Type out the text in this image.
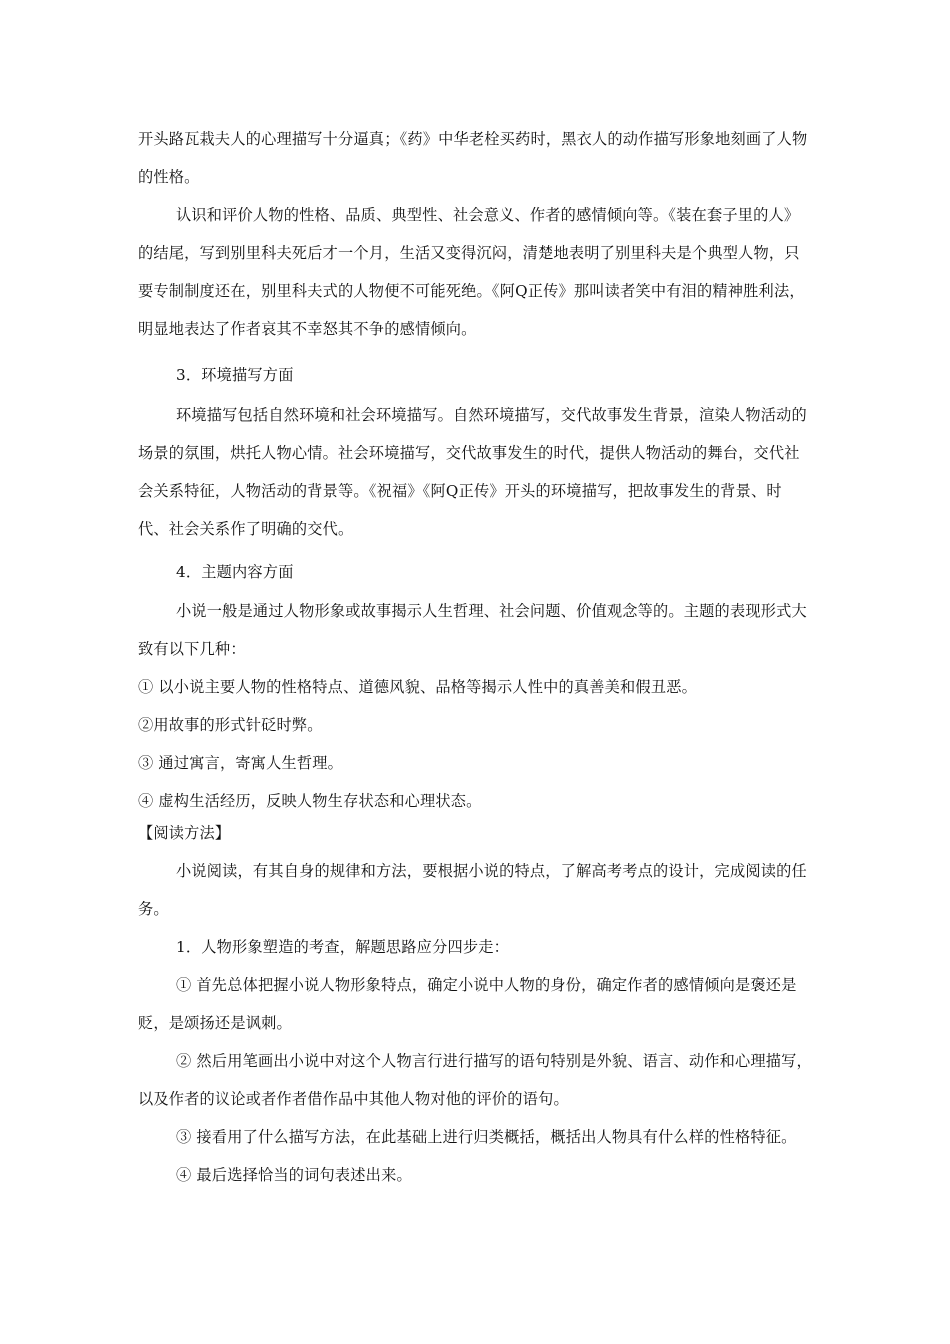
开头路瓦栽夫人的心理描写十分逼真；《药》中华老栓买药时，黑衣人的动作描写形象地刻画了人物的性格。

认识和评价人物的性格、品质、典型性、社会意义、作者的感情倾向等。《装在套子里的人》的结尾，写到别里科夫死后才一个月，生活又变得沉闷，清楚地表明了别里科夫是个典型人物，只要专制制度还在，别里科夫式的人物便不可能死绝。《阿Q正传》那叫读者笑中有泪的精神胜利法，明显地表达了作者哀其不幸怒其不争的感情倾向。

3．环境描写方面

环境描写包括自然环境和社会环境描写。自然环境描写，交代故事发生背景，渲染人物活动的场景的氛围，烘托人物心情。社会环境描写，交代故事发生的时代，提供人物活动的舞台，交代社会关系特征，人物活动的背景等。《祝福》《阿Q正传》开头的环境描写，把故事发生的背景、时代、社会关系作了明确的交代。

4．主题内容方面

小说一般是通过人物形象或故事揭示人生哲理、社会问题、价值观念等的。主题的表现形式大致有以下几种：

① 以小说主要人物的性格特点、道德风貌、品格等揭示人性中的真善美和假丑恶。

②用故事的形式针砭时弊。

③ 通过寓言，寄寓人生哲理。

④ 虚构生活经历，反映人物生存状态和心理状态。

【阅读方法】

小说阅读，有其自身的规律和方法，要根据小说的特点，了解高考考点的设计，完成阅读的任务。

1．人物形象塑造的考查，解题思路应分四步走：

① 首先总体把握小说人物形象特点，确定小说中人物的身份，确定作者的感情倾向是褒还是贬，是颂扬还是讽刺。

② 然后用笔画出小说中对这个人物言行进行描写的语句特别是外貌、语言、动作和心理描写，以及作者的议论或者作者借作品中其他人物对他的评价的语句。

③ 接看用了什么描写方法，在此基础上进行归类概括，概括出人物具有什么样的性格特征。

④ 最后选择恰当的词句表述出来。
